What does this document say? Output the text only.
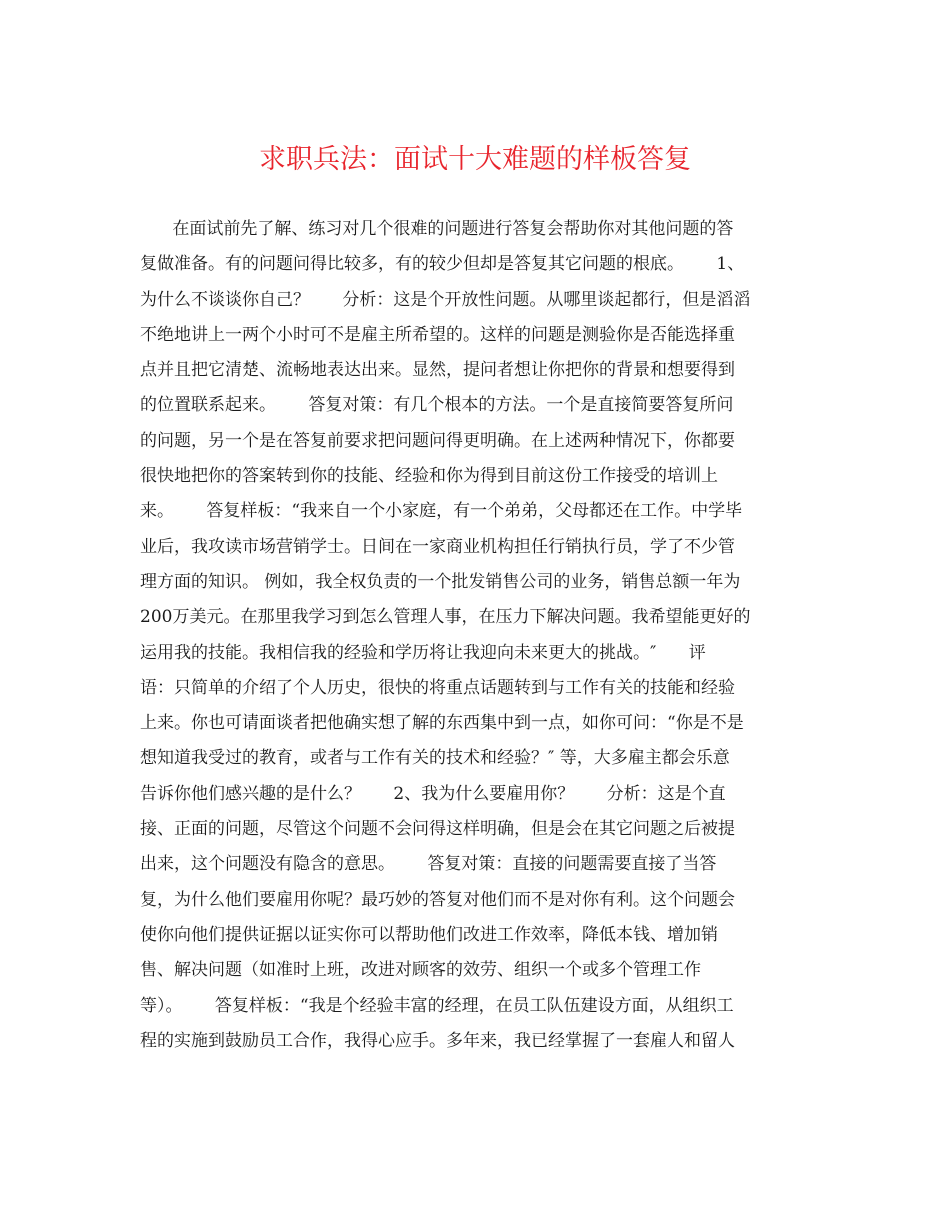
求职兵法：面试十大难题的样板答复
在面试前先了解、练习对几个很难的问题进行答复会帮助你对其他问题的答
复做准备。有的问题问得比较多，有的较少但却是答复其它问题的根底。      1、
为什么不谈谈你自己？      分析：这是个开放性问题。从哪里谈起都行，但是滔滔
不绝地讲上一两个小时可不是雇主所希望的。这样的问题是测验你是否能选择重
点并且把它清楚、流畅地表达出来。显然，提问者想让你把你的背景和想要得到
的位置联系起来。      答复对策：有几个根本的方法。一个是直接简要答复所问
的问题，另一个是在答复前要求把问题问得更明确。在上述两种情况下，你都要
很快地把你的答案转到你的技能、经验和你为得到目前这份工作接受的培训上
来。      答复样板：“我来自一个小家庭，有一个弟弟，父母都还在工作。中学毕
业后，我攻读市场营销学士。日间在一家商业机构担任行销执行员，学了不少管
理方面的知识。 例如，我全权负责的一个批发销售公司的业务，销售总额一年为
200万美元。在那里我学习到怎么管理人事，在压力下解决问题。我希望能更好的
运用我的技能。我相信我的经验和学历将让我迎向未来更大的挑战。″      评
语：只简单的介绍了个人历史，很快的将重点话题转到与工作有关的技能和经验
上来。你也可请面谈者把他确实想了解的东西集中到一点，如你可问：“你是不是
想知道我受过的教育，或者与工作有关的技术和经验？″ 等，大多雇主都会乐意
告诉你他们感兴趣的是什么？      2、我为什么要雇用你？      分析：这是个直
接、正面的问题，尽管这个问题不会问得这样明确，但是会在其它问题之后被提
出来，这个问题没有隐含的意思。      答复对策：直接的问题需要直接了当答
复，为什么他们要雇用你呢？最巧妙的答复对他们而不是对你有利。这个问题会
使你向他们提供证据以证实你可以帮助他们改进工作效率，降低本钱、增加销
售、解决问题（如准时上班，改进对顾客的效劳、组织一个或多个管理工作
等）。      答复样板：“我是个经验丰富的经理，在员工队伍建设方面，从组织工
程的实施到鼓励员工合作，我得心应手。多年来，我已经掌握了一套雇人和留人
